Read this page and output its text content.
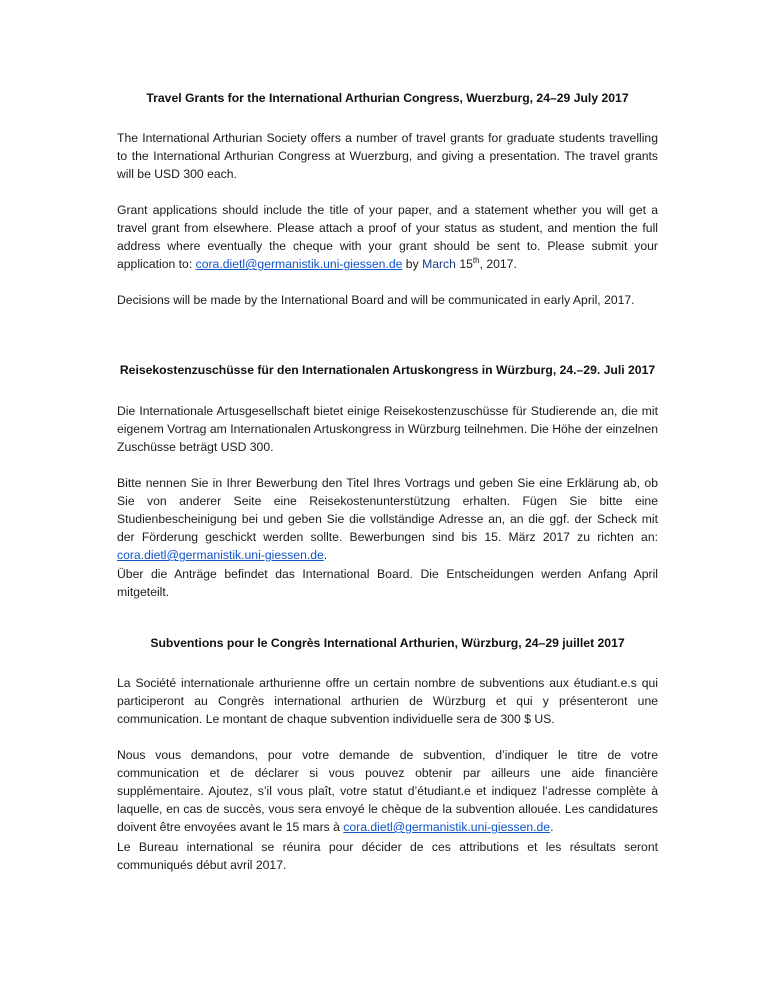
Travel Grants for the International Arthurian Congress, Wuerzburg, 24–29 July 2017

The International Arthurian Society offers a number of travel grants for graduate students travelling to the International Arthurian Congress at Wuerzburg, and giving a presentation. The travel grants will be USD 300 each.

Grant applications should include the title of your paper, and a statement whether you will get a travel grant from elsewhere. Please attach a proof of your status as student, and mention the full address where eventually the cheque with your grant should be sent to. Please submit your application to: cora.dietl@germanistik.uni-giessen.de by March 15th, 2017.

Decisions will be made by the International Board and will be communicated in early April, 2017.

Reisekostenzuschüsse für den Internationalen Artuskongress in Würzburg, 24.–29. Juli 2017

Die Internationale Artusgesellschaft bietet einige Reisekostenzuschüsse für Studierende an, die mit eigenem Vortrag am Internationalen Artuskongress in Würzburg teilnehmen. Die Höhe der einzelnen Zuschüsse beträgt USD 300.

Bitte nennen Sie in Ihrer Bewerbung den Titel Ihres Vortrags und geben Sie eine Erklärung ab, ob Sie von anderer Seite eine Reisekostenunterstützung erhalten. Fügen Sie bitte eine Studienbescheinigung bei und geben Sie die vollständige Adresse an, an die ggf. der Scheck mit der Förderung geschickt werden sollte. Bewerbungen sind bis 15. März 2017 zu richten an: cora.dietl@germanistik.uni-giessen.de.

Über die Anträge befindet das International Board. Die Entscheidungen werden Anfang April mitgeteilt.

Subventions pour le Congrès International Arthurien, Würzburg, 24–29 juillet 2017

La Société internationale arthurienne offre un certain nombre de subventions aux étudiant.e.s qui participeront au Congrès international arthurien de Würzburg et qui y présenteront une communication. Le montant de chaque subvention individuelle sera de 300 $ US.

Nous vous demandons, pour votre demande de subvention, d’indiquer le titre de votre communication et de déclarer si vous pouvez obtenir par ailleurs une aide financière supplémentaire. Ajoutez, s’il vous plaît, votre statut d’étudiant.e et indiquez l’adresse complète à laquelle, en cas de succès, vous sera envoyé le chèque de la subvention allouée. Les candidatures doivent être envoyées avant le 15 mars à cora.dietl@germanistik.uni-giessen.de.

Le Bureau international se réunira pour décider de ces attributions et les résultats seront communiqués début avril 2017.
